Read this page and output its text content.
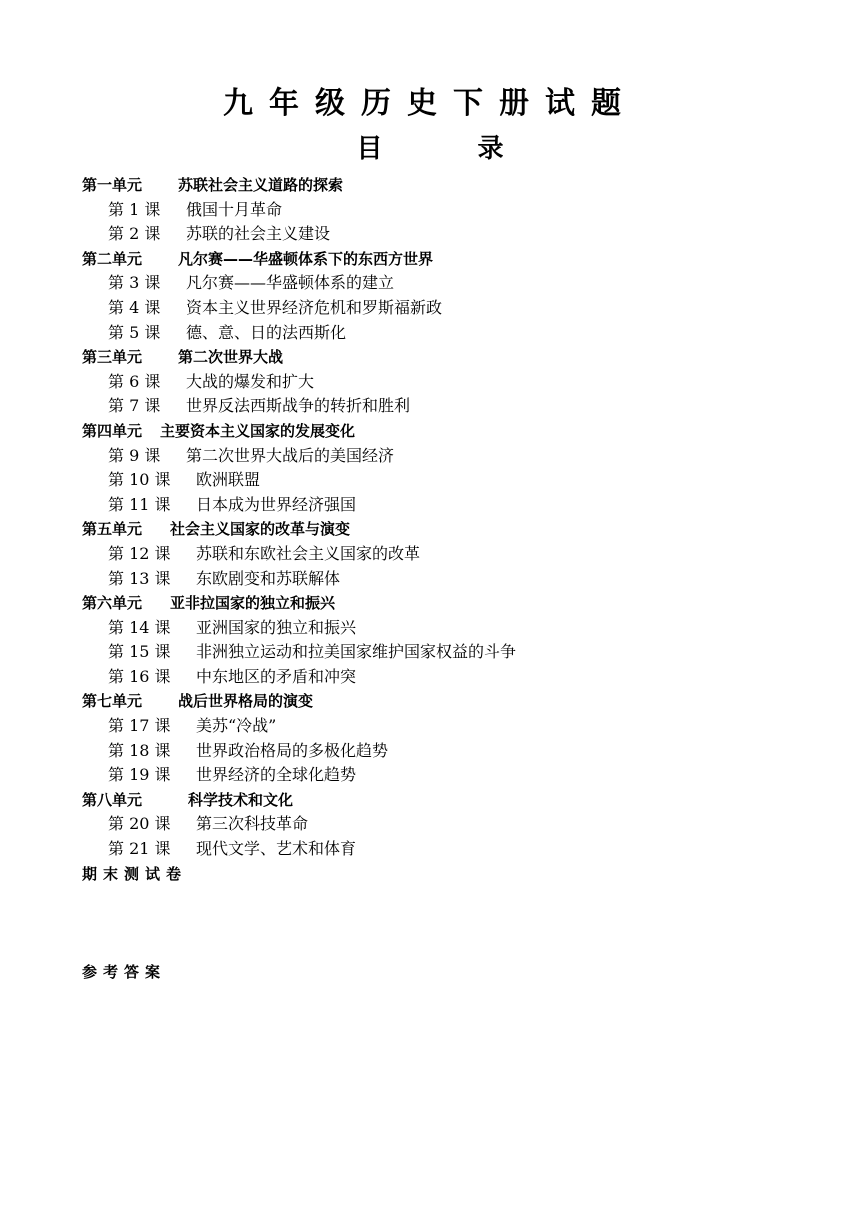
九年级历史下册试题
目 录
第一单元 苏联社会主义道路的探索
第 1 课 俄国十月革命
第 2 课 苏联的社会主义建设
第二单元 凡尔赛——华盛顿体系下的东西方世界
第 3 课 凡尔赛——华盛顿体系的建立
第 4 课 资本主义世界经济危机和罗斯福新政
第 5 课 德、意、日的法西斯化
第三单元 第二次世界大战
第 6 课 大战的爆发和扩大
第 7 课 世界反法西斯战争的转折和胜利
第四单元 主要资本主义国家的发展变化
第 9 课 第二次世界大战后的美国经济
第 10 课 欧洲联盟
第 11 课 日本成为世界经济强国
第五单元 社会主义国家的改革与演变
第 12 课 苏联和东欧社会主义国家的改革
第 13 课 东欧剧变和苏联解体
第六单元 亚非拉国家的独立和振兴
第 14 课 亚洲国家的独立和振兴
第 15 课 非洲独立运动和拉美国家维护国家权益的斗争
第 16 课 中东地区的矛盾和冲突
第七单元 战后世界格局的演变
第 17 课 美苏“冷战”
第 18 课 世界政治格局的多极化趋势
第 19 课 世界经济的全球化趋势
第八单元	科学技术和文化
第 20 课 第三次科技革命
第 21 课 现代文学、艺术和体育
期末测试卷
参考答案
